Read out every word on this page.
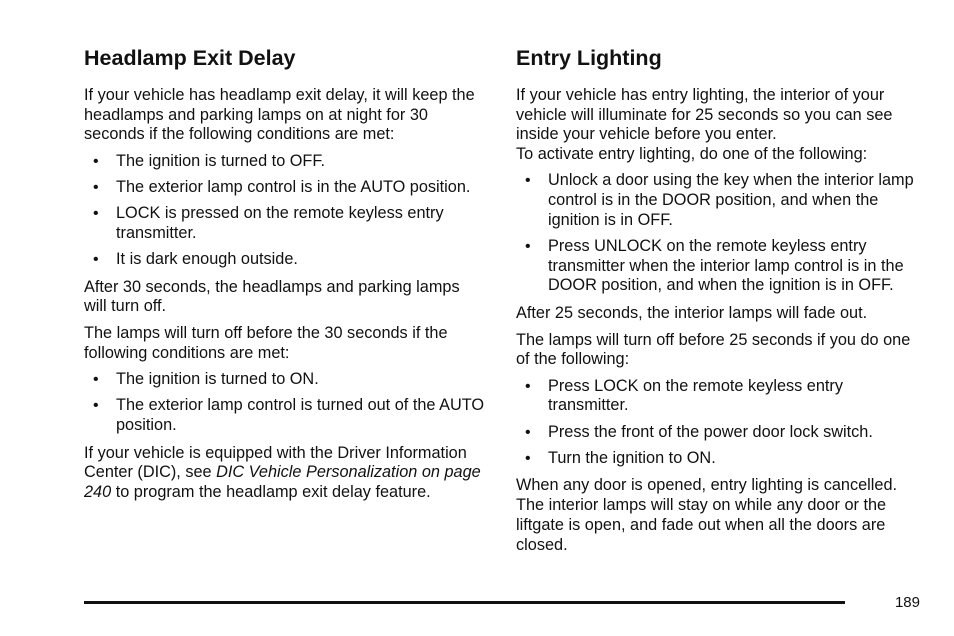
Headlamp Exit Delay

If your vehicle has headlamp exit delay, it will keep the headlamps and parking lamps on at night for 30 seconds if the following conditions are met:

• The ignition is turned to OFF.
• The exterior lamp control is in the AUTO position.
• LOCK is pressed on the remote keyless entry transmitter.
• It is dark enough outside.

After 30 seconds, the headlamps and parking lamps will turn off.

The lamps will turn off before the 30 seconds if the following conditions are met:

• The ignition is turned to ON.
• The exterior lamp control is turned out of the AUTO position.

If your vehicle is equipped with the Driver Information Center (DIC), see DIC Vehicle Personalization on page 240 to program the headlamp exit delay feature.

Entry Lighting

If your vehicle has entry lighting, the interior of your vehicle will illuminate for 25 seconds so you can see inside your vehicle before you enter.

To activate entry lighting, do one of the following:

• Unlock a door using the key when the interior lamp control is in the DOOR position, and when the ignition is in OFF.
• Press UNLOCK on the remote keyless entry transmitter when the interior lamp control is in the DOOR position, and when the ignition is in OFF.

After 25 seconds, the interior lamps will fade out.

The lamps will turn off before 25 seconds if you do one of the following:

• Press LOCK on the remote keyless entry transmitter.
• Press the front of the power door lock switch.
• Turn the ignition to ON.

When any door is opened, entry lighting is cancelled. The interior lamps will stay on while any door or the liftgate is open, and fade out when all the doors are closed.

189
